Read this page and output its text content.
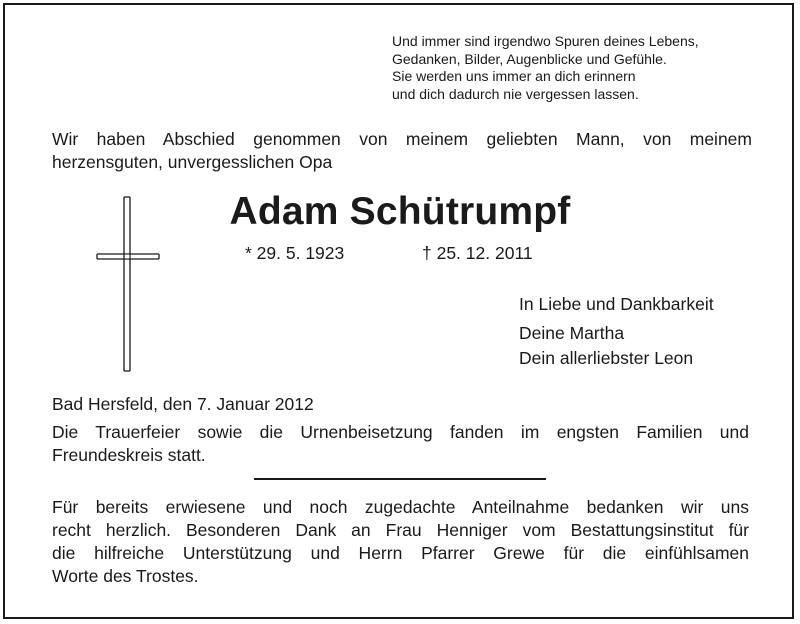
Und immer sind irgendwo Spuren deines Lebens,
Gedanken, Bilder, Augenblicke und Gefühle.
Sie werden uns immer an dich erinnern
und dich dadurch nie vergessen lassen.
Wir haben Abschied genommen von meinem geliebten Mann, von meinem
herzensguten, unvergesslichen Opa
Adam Schütrumpf
* 29. 5. 1923	† 25. 12. 2011
In Liebe und Dankbarkeit
Deine Martha
Dein allerliebster Leon
Bad Hersfeld, den 7. Januar 2012
Die Trauerfeier sowie die Urnenbeisetzung fanden im engsten Familien und
Freundeskreis statt.
Für bereits erwiesene und noch zugedachte Anteilnahme bedanken wir uns
recht herzlich. Besonderen Dank an Frau Henniger vom Bestattungsinstitut für
die hilfreiche Unterstützung und Herrn Pfarrer Grewe für die einfühlsamen
Worte des Trostes.
